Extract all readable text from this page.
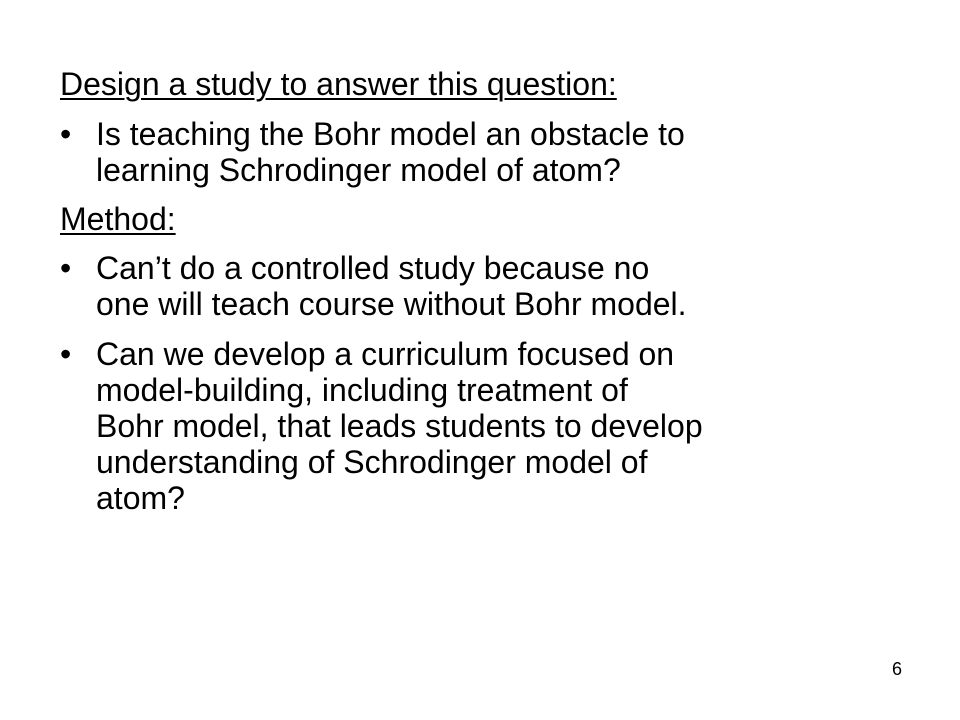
Design a study to answer this question:

• Is teaching the Bohr model an obstacle to
learning Schrodinger model of atom?

Method:

• Can’t do a controlled study because no
one will teach course without Bohr model.

• Can we develop a curriculum focused on
model-building, including treatment of
Bohr model, that leads students to develop
understanding of Schrodinger model of
atom?

6
